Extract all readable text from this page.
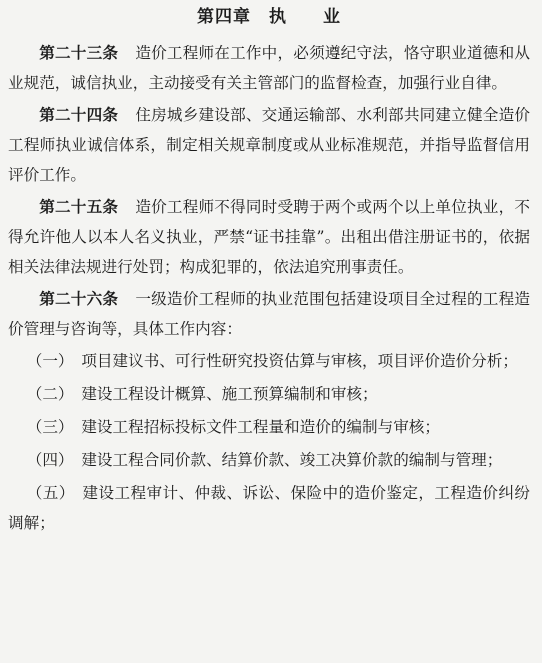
第四章　执　　业

第二十三条 造价工程师在工作中，必须遵纪守法，恪守职业道德和从业规范，诚信执业，主动接受有关主管部门的监督检查，加强行业自律。

第二十四条 住房城乡建设部、交通运输部、水利部共同建立健全造价工程师执业诚信体系，制定相关规章制度或从业标准规范，并指导监督信用评价工作。

第二十五条 造价工程师不得同时受聘于两个或两个以上单位执业，不得允许他人以本人名义执业，严禁“证书挂靠”。出租出借注册证书的，依据相关法律法规进行处罚；构成犯罪的，依法追究刑事责任。

第二十六条 一级造价工程师的执业范围包括建设项目全过程的工程造价管理与咨询等，具体工作内容：

（一） 项目建议书、可行性研究投资估算与审核，项目评价造价分析；

（二） 建设工程设计概算、施工预算编制和审核；

（三） 建设工程招标投标文件工程量和造价的编制与审核；

（四） 建设工程合同价款、结算价款、竣工决算价款的编制与管理；

（五） 建设工程审计、仲裁、诉讼、保险中的造价鉴定，工程造价纠纷调解；
